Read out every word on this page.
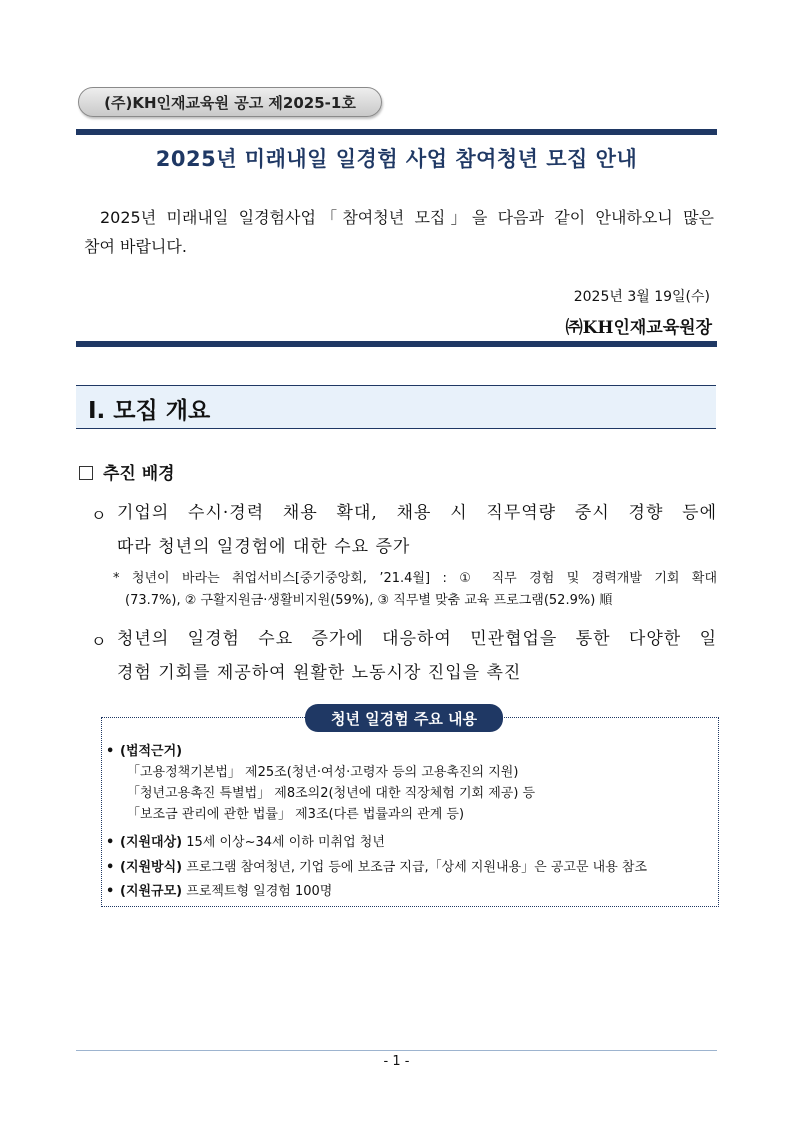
(주)KH인재교육원 공고 제2025-1호
2025년 미래내일 일경험 사업 참여청년 모집 안내
2025년 미래내일 일경험사업「참여청년 모집」을 다음과 같이 안내하오니 많은
참여 바랍니다.
2025년 3월 19일(수)
㈜KH인재교육원장
Ⅰ. 모집 개요
추진 배경
ㅇ 기업의 수시·경력 채용 확대, 채용 시 직무역량 중시 경향 등에
따라 청년의 일경험에 대한 수요 증가
* 청년이 바라는 취업서비스[중기중앙회, ’21.4월] : ① 직무 경험 및 경력개발 기회 확대
(73.7%), ② 구활지원금·생활비지원(59%), ③ 직무별 맞춤 교육 프로그램(52.9%) 順
ㅇ 청년의 일경험 수요 증가에 대응하여 민관협업을 통한 다양한 일
경험 기회를 제공하여 원활한 노동시장 진입을 촉진
청년 일경험 주요 내용
• (법적근거)
「고용정책기본법」 제25조(청년·여성·고령자 등의 고용촉진의 지원)
「청년고용촉진 특별법」 제8조의2(청년에 대한 직장체험 기회 제공) 등
「보조금 관리에 관한 법률」 제3조(다른 법률과의 관계 등)
• (지원대상) 15세 이상~34세 이하 미취업 청년
• (지원방식) 프로그램 참여청년, 기업 등에 보조금 지급,「상세 지원내용」은 공고문 내용 참조
• (지원규모) 프로젝트형 일경험 100명
- 1 -
